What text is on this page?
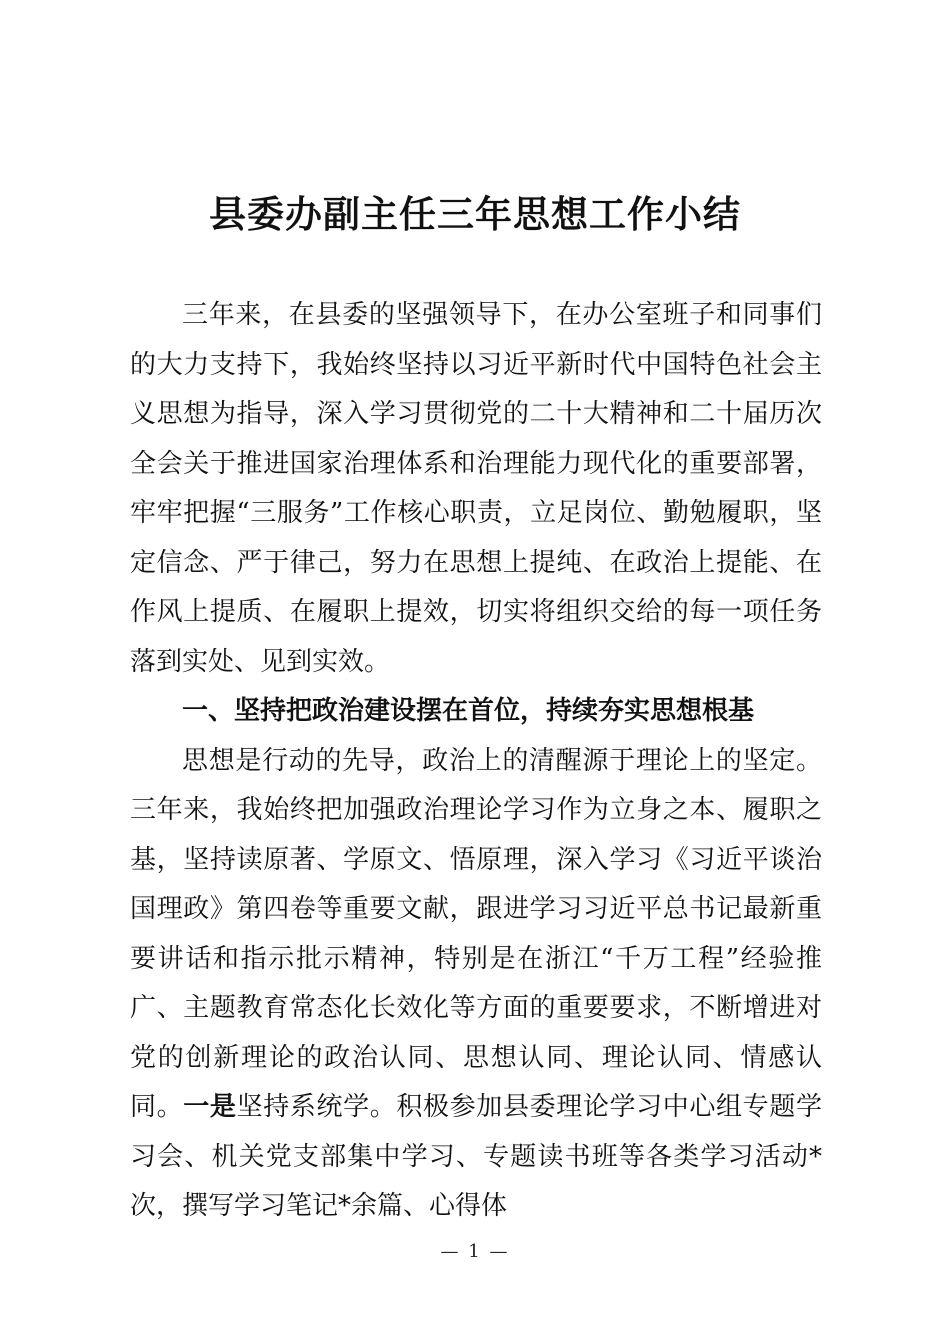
县委办副主任三年思想工作小结

三年来，在县委的坚强领导下，在办公室班子和同事们的大力支持下，我始终坚持以习近平新时代中国特色社会主义思想为指导，深入学习贯彻党的二十大精神和二十届历次全会关于推进国家治理体系和治理能力现代化的重要部署，牢牢把握“三服务”工作核心职责，立足岗位、勤勉履职，坚定信念、严于律己，努力在思想上提纯、在政治上提能、在作风上提质、在履职上提效，切实将组织交给的每一项任务落到实处、见到实效。

一、坚持把政治建设摆在首位，持续夯实思想根基

思想是行动的先导，政治上的清醒源于理论上的坚定。三年来，我始终把加强政治理论学习作为立身之本、履职之基，坚持读原著、学原文、悟原理，深入学习《习近平谈治国理政》第四卷等重要文献，跟进学习习近平总书记最新重要讲话和指示批示精神，特别是在浙江“千万工程”经验推广、主题教育常态化长效化等方面的重要要求，不断增进对党的创新理论的政治认同、思想认同、理论认同、情感认同。一是坚持系统学。积极参加县委理论学习中心组专题学习会、机关党支部集中学习、专题读书班等各类学习活动*次，撰写学习笔记*余篇、心得体

— 1 —
